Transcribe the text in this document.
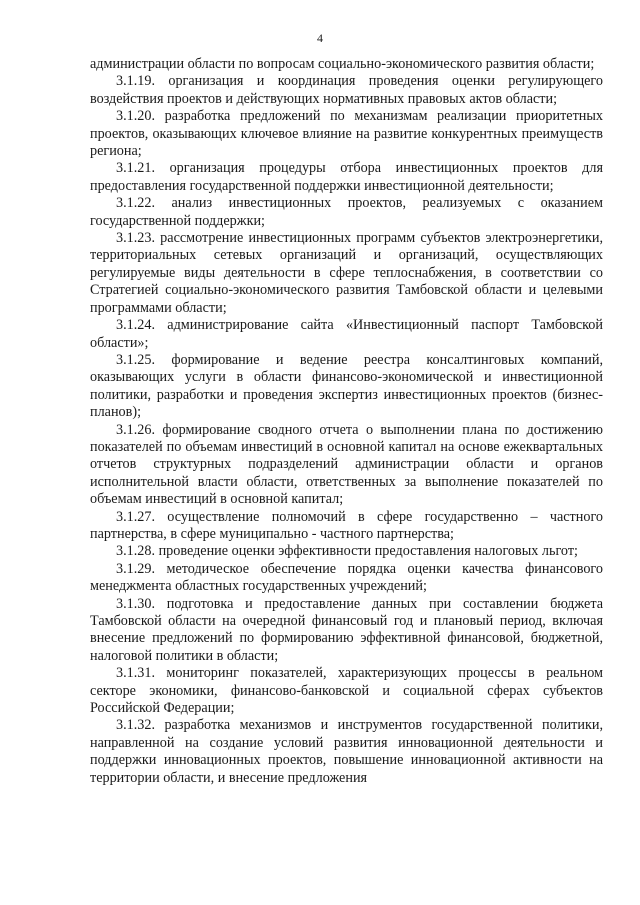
4

администрации области по вопросам социально-экономического развития области;

3.1.19. организация и координация проведения оценки регулирующего воздействия проектов и действующих нормативных правовых актов области;

3.1.20. разработка предложений по механизмам реализации приоритетных проектов, оказывающих ключевое влияние на развитие конкурентных преимуществ региона;

3.1.21. организация процедуры отбора инвестиционных проектов для предоставления государственной поддержки инвестиционной деятельности;

3.1.22. анализ инвестиционных проектов, реализуемых с оказанием государственной поддержки;

3.1.23. рассмотрение инвестиционных программ субъектов электроэнергетики, территориальных сетевых организаций и организаций, осуществляющих регулируемые виды деятельности в сфере теплоснабжения, в соответствии со Стратегией социально-экономического развития Тамбовской области и целевыми программами области;

3.1.24. администрирование сайта «Инвестиционный паспорт Тамбовской области»;

3.1.25. формирование и ведение реестра консалтинговых компаний, оказывающих услуги в области финансово-экономической и инвестиционной политики, разработки и проведения экспертиз инвестиционных проектов (бизнес-планов);

3.1.26. формирование сводного отчета о выполнении плана по достижению показателей по объемам инвестиций в основной капитал на основе ежеквартальных отчетов структурных подразделений администрации области и органов исполнительной власти области, ответственных за выполнение показателей по объемам инвестиций в основной капитал;

3.1.27. осуществление полномочий в сфере государственно – частного партнерства, в сфере муниципально - частного партнерства;

3.1.28. проведение оценки эффективности предоставления налоговых льгот;

3.1.29. методическое обеспечение порядка оценки качества финансового менеджмента областных государственных учреждений;

3.1.30. подготовка и предоставление данных при составлении бюджета Тамбовской области на очередной финансовый год и плановый период, включая внесение предложений по формированию эффективной финансовой, бюджетной, налоговой политики в области;

3.1.31. мониторинг показателей, характеризующих процессы в реальном секторе экономики, финансово-банковской и социальной сферах субъектов Российской Федерации;

3.1.32. разработка механизмов и инструментов государственной политики, направленной на создание условий развития инновационной деятельности и поддержки инновационных проектов, повышение инновационной активности на территории области, и внесение предложения
